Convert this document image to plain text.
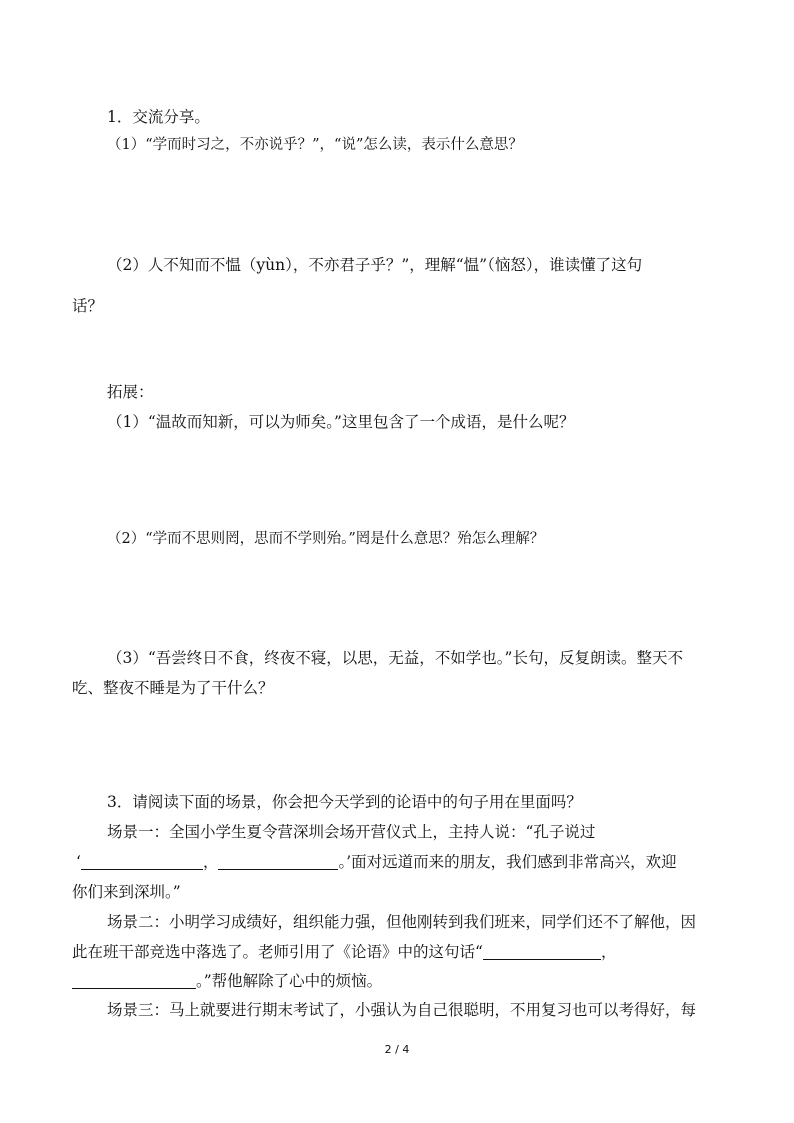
1．交流分享。
（1）“学而时习之，不亦说乎？”，“说”怎么读，表示什么意思？
（2）人不知而不愠（yùn），不亦君子乎？”，理解“愠”（恼怒），谁读懂了这句
话？
拓展：
（1）“温故而知新，可以为师矣。”这里包含了一个成语，是什么呢？
（2）“学而不思则罔，思而不学则殆。”罔是什么意思？殆怎么理解？
（3）“吾尝终日不食，终夜不寝，以思，无益，不如学也。”长句，反复朗读。整天不
吃、整夜不睡是为了干什么？
3．请阅读下面的场景，你会把今天学到的论语中的句子用在里面吗？
场景一：全国小学生夏令营深圳会场开营仪式上，主持人说：“孔子说过
‘	，	。’面对远道而来的朋友，我们感到非常高兴，欢迎
你们来到深圳。”
场景二：小明学习成绩好，组织能力强，但他刚转到我们班来，同学们还不了解他，因
此在班干部竞选中落选了。老师引用了《论语》中的这句话“	，
。”帮他解除了心中的烦恼。
场景三：马上就要进行期末考试了，小强认为自己很聪明，不用复习也可以考得好，每
2 / 4
